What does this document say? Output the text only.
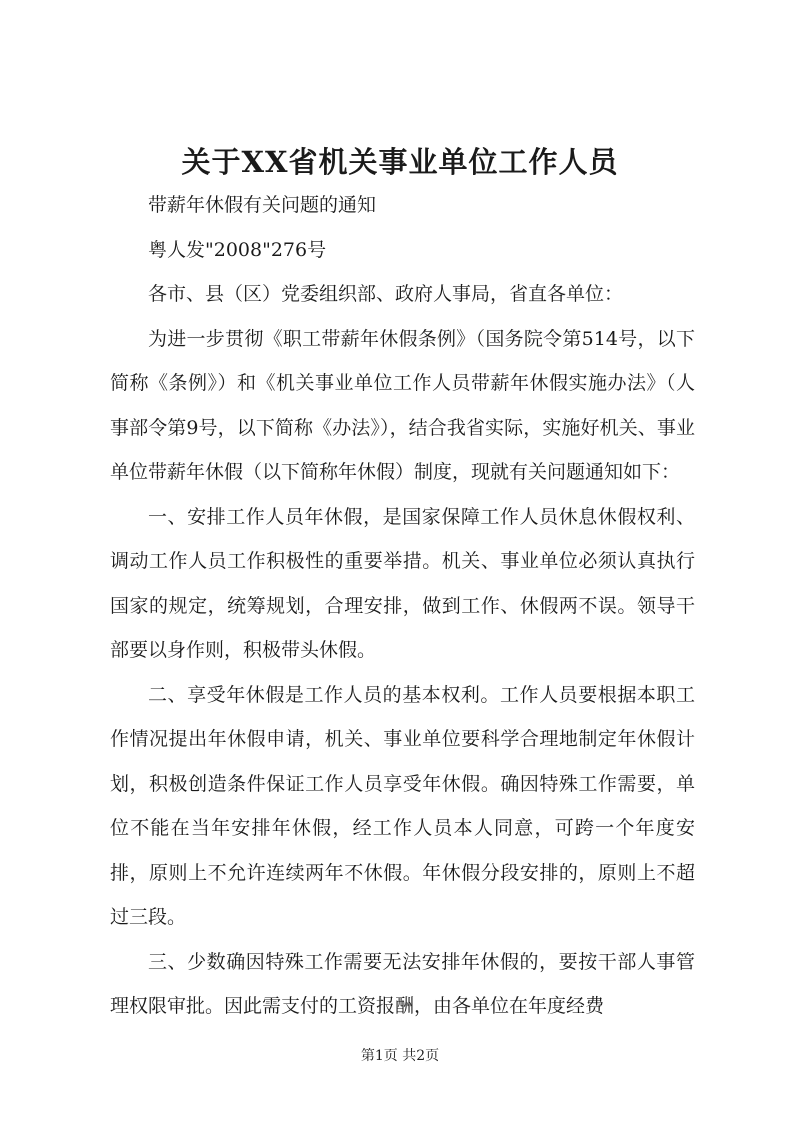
关于XX省机关事业单位工作人员

带薪年休假有关问题的通知

粤人发"2008"276号

各市、县（区）党委组织部、政府人事局，省直各单位：

为进一步贯彻《职工带薪年休假条例》（国务院令第514号，以下简称《条例》）和《机关事业单位工作人员带薪年休假实施办法》（人事部令第9号，以下简称《办法》），结合我省实际，实施好机关、事业单位带薪年休假（以下简称年休假）制度，现就有关问题通知如下：

一、安排工作人员年休假，是国家保障工作人员休息休假权利、调动工作人员工作积极性的重要举措。机关、事业单位必须认真执行国家的规定，统筹规划，合理安排，做到工作、休假两不误。领导干部要以身作则，积极带头休假。

二、享受年休假是工作人员的基本权利。工作人员要根据本职工作情况提出年休假申请，机关、事业单位要科学合理地制定年休假计划，积极创造条件保证工作人员享受年休假。确因特殊工作需要，单位不能在当年安排年休假，经工作人员本人同意，可跨一个年度安排，原则上不允许连续两年不休假。年休假分段安排的，原则上不超过三段。

三、少数确因特殊工作需要无法安排年休假的，要按干部人事管理权限审批。因此需支付的工资报酬，由各单位在年度经费

第1页 共2页
